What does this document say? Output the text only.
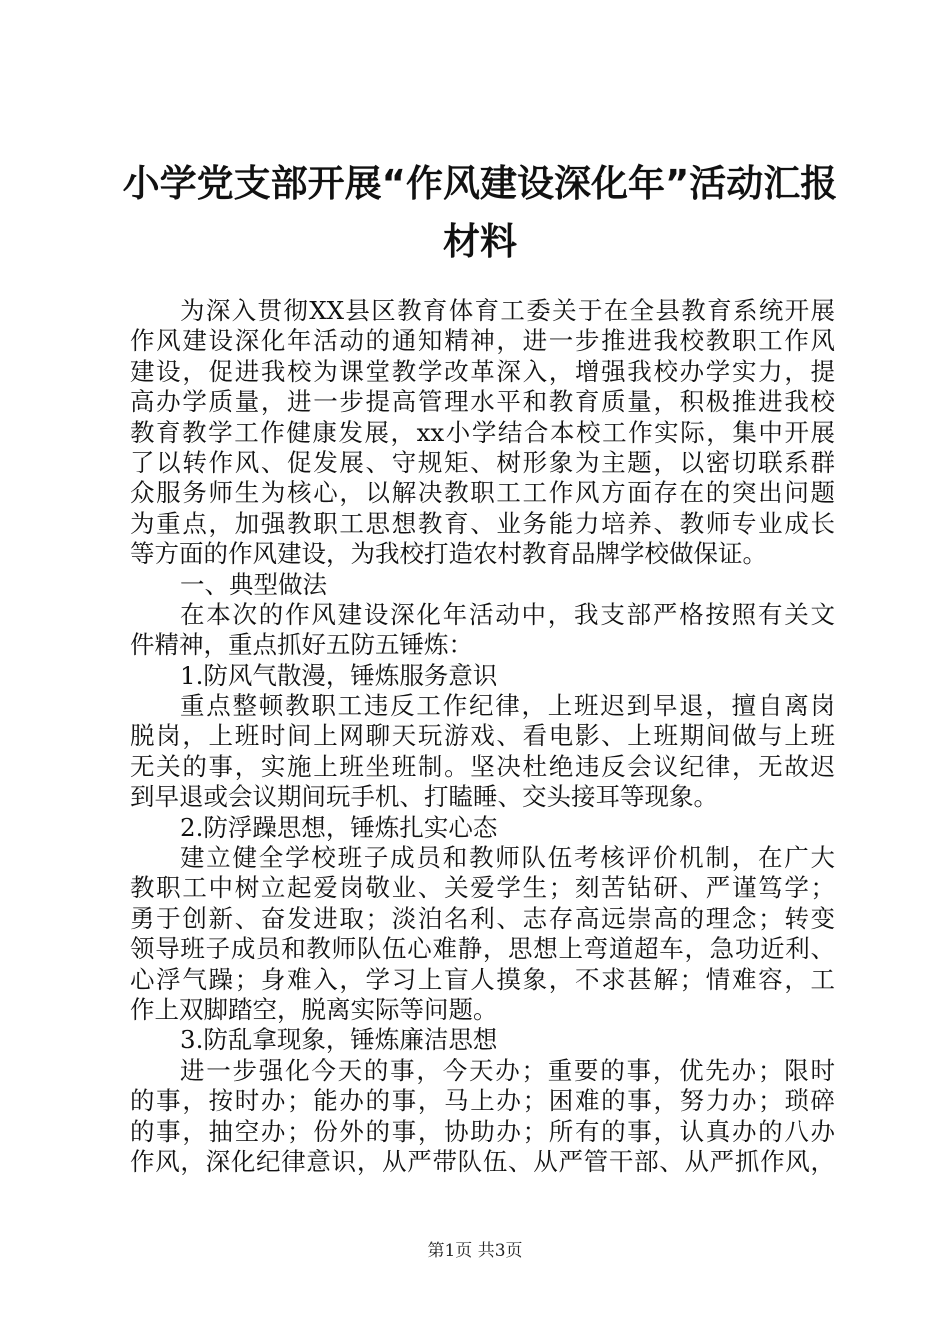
小学党支部开展“作风建设深化年”活动汇报
材料
为深入贯彻XX县区教育体育工委关于在全县教育系统开展
作风建设深化年活动的通知精神，进一步推进我校教职工作风
建设，促进我校为课堂教学改革深入，增强我校办学实力，提
高办学质量，进一步提高管理水平和教育质量，积极推进我校
教育教学工作健康发展，xx小学结合本校工作实际，集中开展
了以转作风、促发展、守规矩、树形象为主题，以密切联系群
众服务师生为核心，以解决教职工工作风方面存在的突出问题
为重点，加强教职工思想教育、业务能力培养、教师专业成长
等方面的作风建设，为我校打造农村教育品牌学校做保证。
一、典型做法
在本次的作风建设深化年活动中，我支部严格按照有关文
件精神，重点抓好五防五锤炼：
1.防风气散漫，锤炼服务意识
重点整顿教职工违反工作纪律，上班迟到早退，擅自离岗
脱岗，上班时间上网聊天玩游戏、看电影、上班期间做与上班
无关的事，实施上班坐班制。坚决杜绝违反会议纪律，无故迟
到早退或会议期间玩手机、打瞌睡、交头接耳等现象。
2.防浮躁思想，锤炼扎实心态
建立健全学校班子成员和教师队伍考核评价机制，在广大
教职工中树立起爱岗敬业、关爱学生；刻苦钻研、严谨笃学；
勇于创新、奋发进取；淡泊名利、志存高远崇高的理念；转变
领导班子成员和教师队伍心难静，思想上弯道超车，急功近利、
心浮气躁；身难入，学习上盲人摸象，不求甚解；情难容，工
作上双脚踏空，脱离实际等问题。
3.防乱拿现象，锤炼廉洁思想
进一步强化今天的事，今天办；重要的事，优先办；限时
的事，按时办；能办的事，马上办；困难的事，努力办；琐碎
的事，抽空办；份外的事，协助办；所有的事，认真办的八办
作风，深化纪律意识，从严带队伍、从严管干部、从严抓作风，
第1页 共3页
